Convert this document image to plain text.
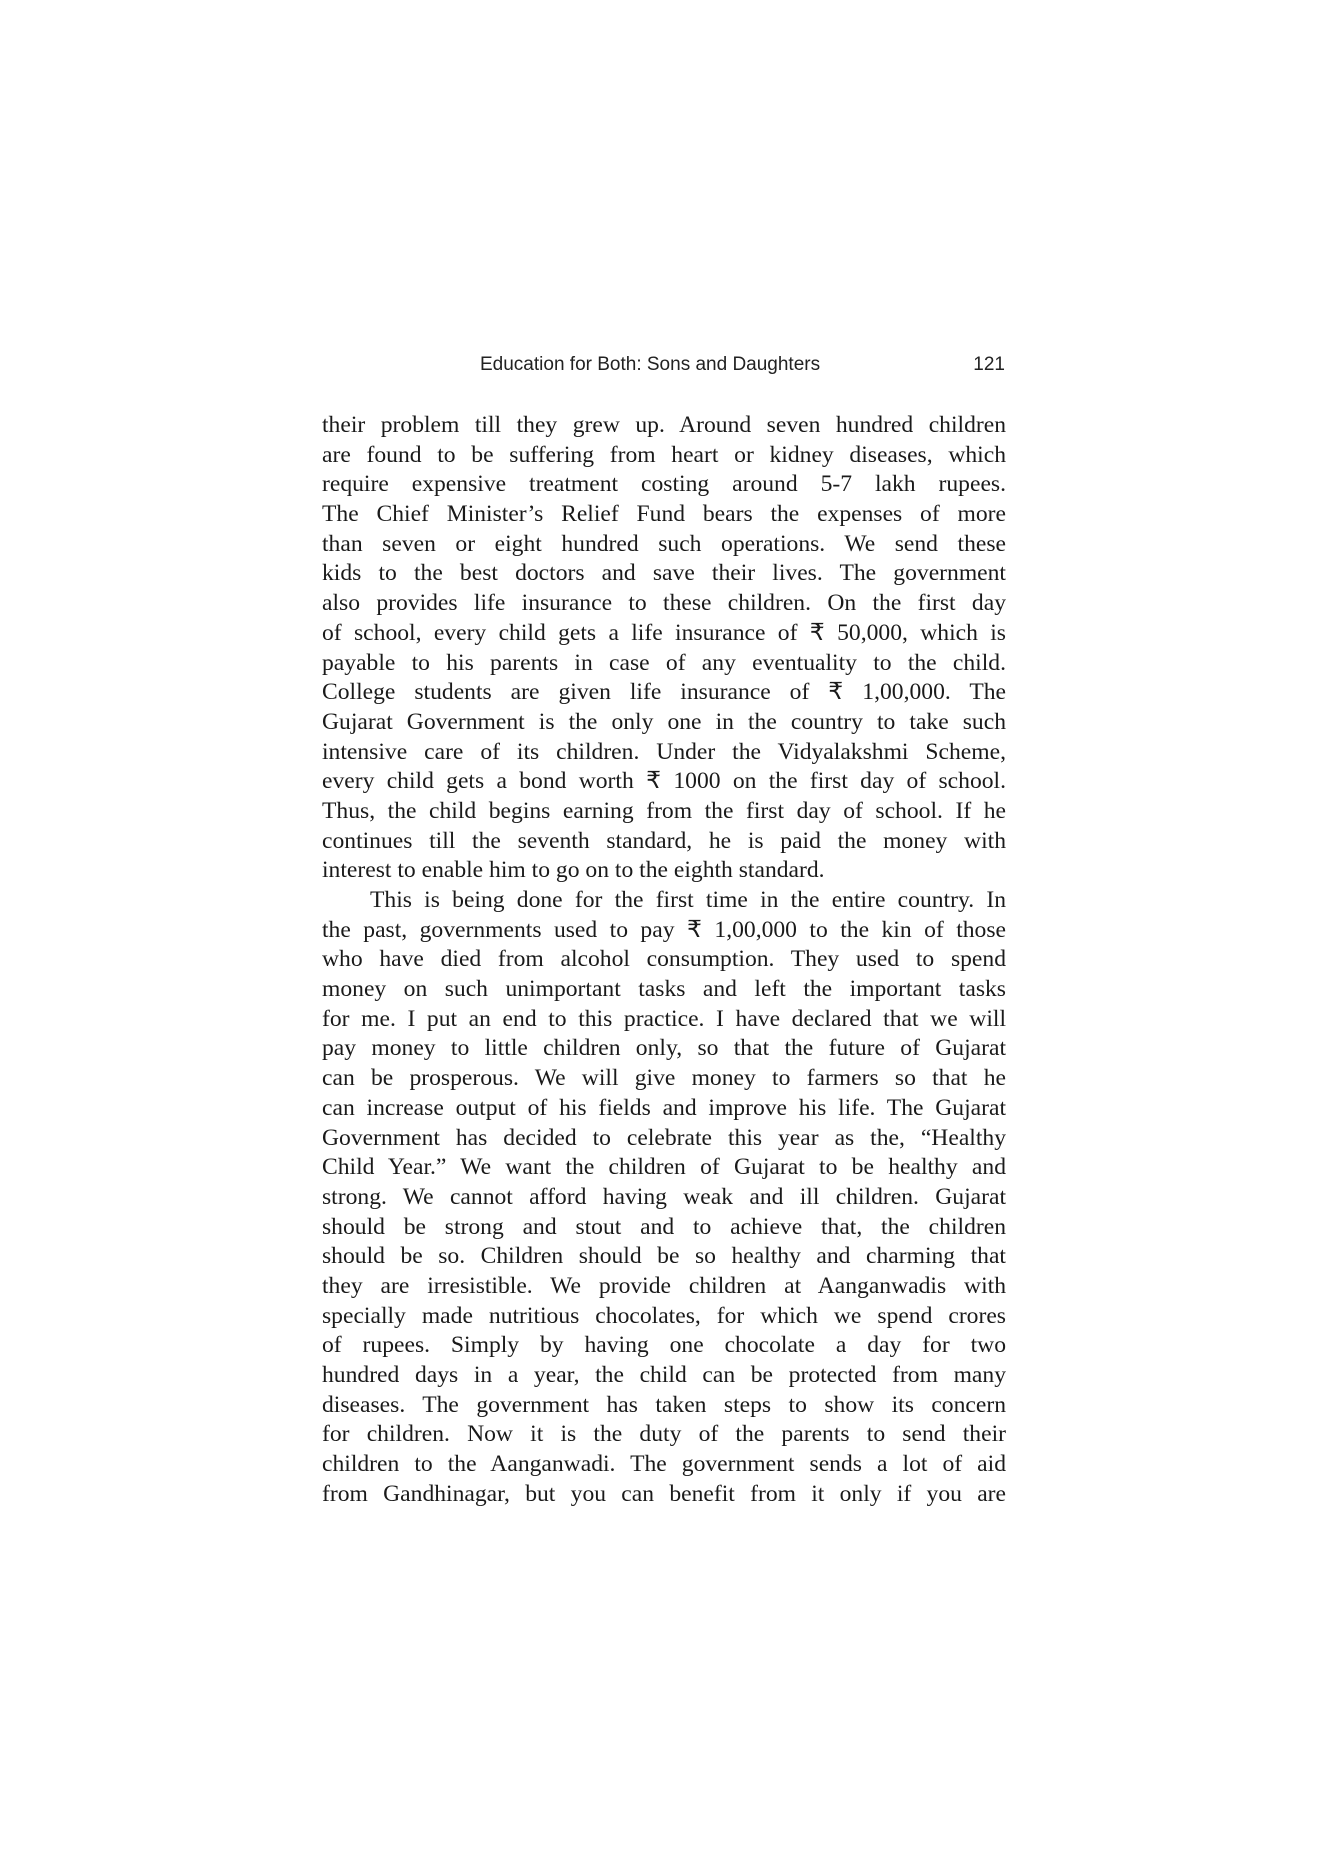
Education for Both: Sons and Daughters	121

their problem till they grew up. Around seven hundred children
are found to be suffering from heart or kidney diseases, which
require expensive treatment costing around 5-7 lakh rupees.
The Chief Minister’s Relief Fund bears the expenses of more
than seven or eight hundred such operations. We send these
kids to the best doctors and save their lives. The government
also provides life insurance to these children. On the first day
of school, every child gets a life insurance of ₹ 50,000, which is
payable to his parents in case of any eventuality to the child.
College students are given life insurance of ₹ 1,00,000. The
Gujarat Government is the only one in the country to take such
intensive care of its children. Under the Vidyalakshmi Scheme,
every child gets a bond worth ₹ 1000 on the first day of school.
Thus, the child begins earning from the first day of school. If he
continues till the seventh standard, he is paid the money with
interest to enable him to go on to the eighth standard.

This is being done for the first time in the entire country. In
the past, governments used to pay ₹ 1,00,000 to the kin of those
who have died from alcohol consumption. They used to spend
money on such unimportant tasks and left the important tasks
for me. I put an end to this practice. I have declared that we will
pay money to little children only, so that the future of Gujarat
can be prosperous. We will give money to farmers so that he
can increase output of his fields and improve his life. The Gujarat
Government has decided to celebrate this year as the, “Healthy
Child Year.” We want the children of Gujarat to be healthy and
strong. We cannot afford having weak and ill children. Gujarat
should be strong and stout and to achieve that, the children
should be so. Children should be so healthy and charming that
they are irresistible. We provide children at Aanganwadis with
specially made nutritious chocolates, for which we spend crores
of rupees. Simply by having one chocolate a day for two
hundred days in a year, the child can be protected from many
diseases. The government has taken steps to show its concern
for children. Now it is the duty of the parents to send their
children to the Aanganwadi. The government sends a lot of aid
from Gandhinagar, but you can benefit from it only if you are
